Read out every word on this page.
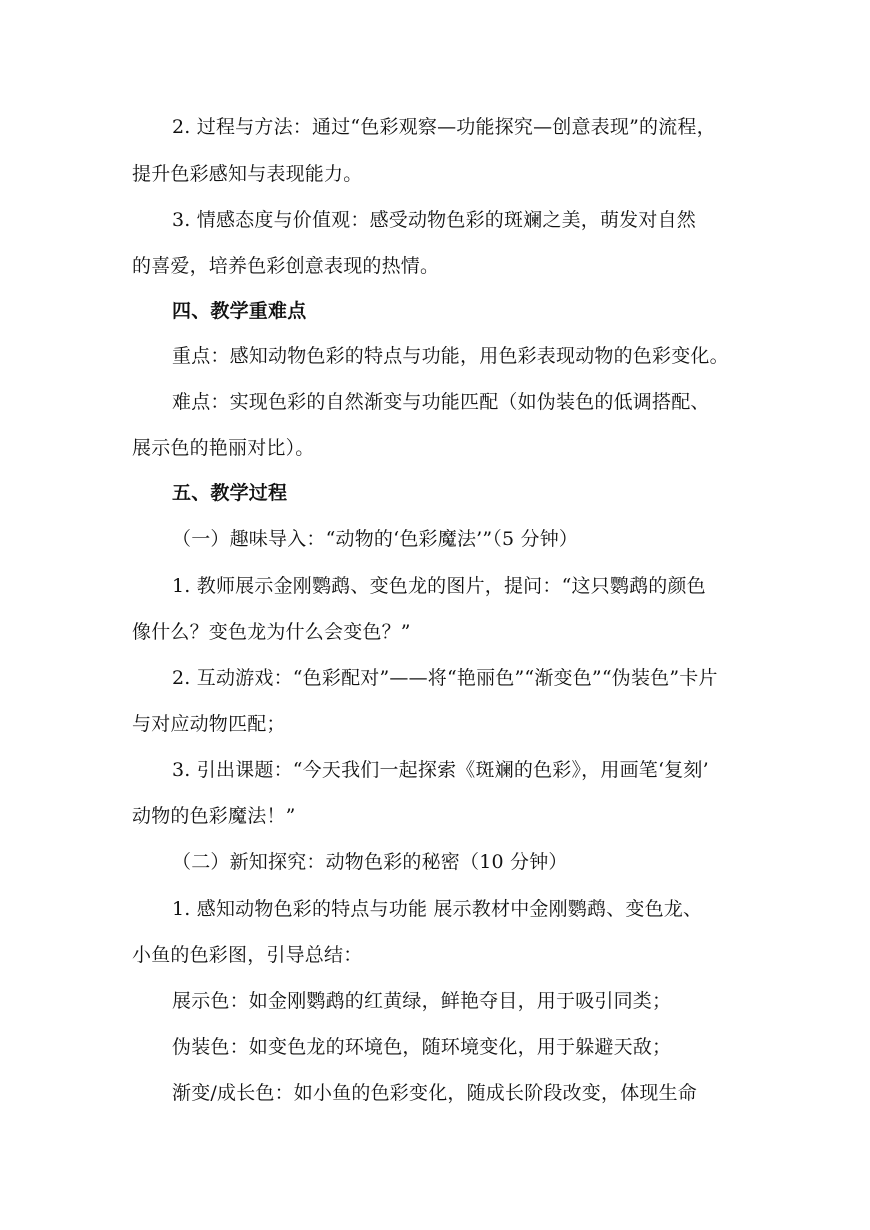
2. 过程与方法：通过“色彩观察—功能探究—创意表现”的流程，
提升色彩感知与表现能力。
3. 情感态度与价值观：感受动物色彩的斑斓之美，萌发对自然
的喜爱，培养色彩创意表现的热情。
四、教学重难点
重点：感知动物色彩的特点与功能，用色彩表现动物的色彩变化。
难点：实现色彩的自然渐变与功能匹配（如伪装色的低调搭配、
展示色的艳丽对比）。
五、教学过程
（一）趣味导入：“动物的‘色彩魔法’”（5 分钟）
1. 教师展示金刚鹦鹉、变色龙的图片，提问：“这只鹦鹉的颜色
像什么？变色龙为什么会变色？”
2. 互动游戏：“色彩配对”——将“艳丽色”“渐变色”“伪装色”卡片
与对应动物匹配；
3. 引出课题：“今天我们一起探索《斑斓的色彩》，用画笔‘复刻’
动物的色彩魔法！”
（二）新知探究：动物色彩的秘密（10 分钟）
1. 感知动物色彩的特点与功能 展示教材中金刚鹦鹉、变色龙、
小鱼的色彩图，引导总结：
展示色：如金刚鹦鹉的红黄绿，鲜艳夺目，用于吸引同类；
伪装色：如变色龙的环境色，随环境变化，用于躲避天敌；
渐变/成长色：如小鱼的色彩变化，随成长阶段改变，体现生命
